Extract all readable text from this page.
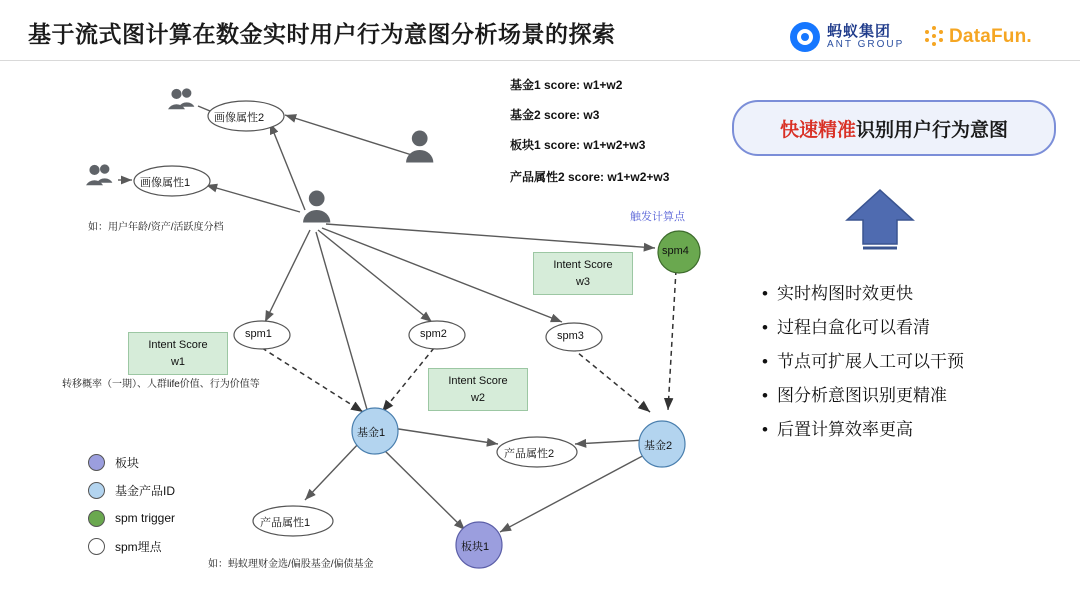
基于流式图计算在数金实时用户行为意图分析场景的探索	蚂蚁集团
ANT GROUP DataFun.
画像属性2
画像属性1
spm1	spm2	spm3
spm4
基金1
基金2
产品属性2
产品属性1
板块1
Intent Score
w1
Intent Score
w2
Intent Score
w3
基金1 score: w1+w2
基金2 score: w3
板块1 score: w1+w2+w3
产品属性2 score: w1+w2+w3
如：用户年龄/资产/活跃度分档
转移概率（一期）、人群life价值、行为价值等
如：蚂蚁理财金选/偏股基金/偏债基金
触发计算点
板块
基金产品ID
spm trigger
spm埋点
快速精准 识别用户行为意图
• 实时构图时效更快
• 过程白盒化可以看清
• 节点可扩展人工可以干预
• 图分析意图识别更精准
• 后置计算效率更高
